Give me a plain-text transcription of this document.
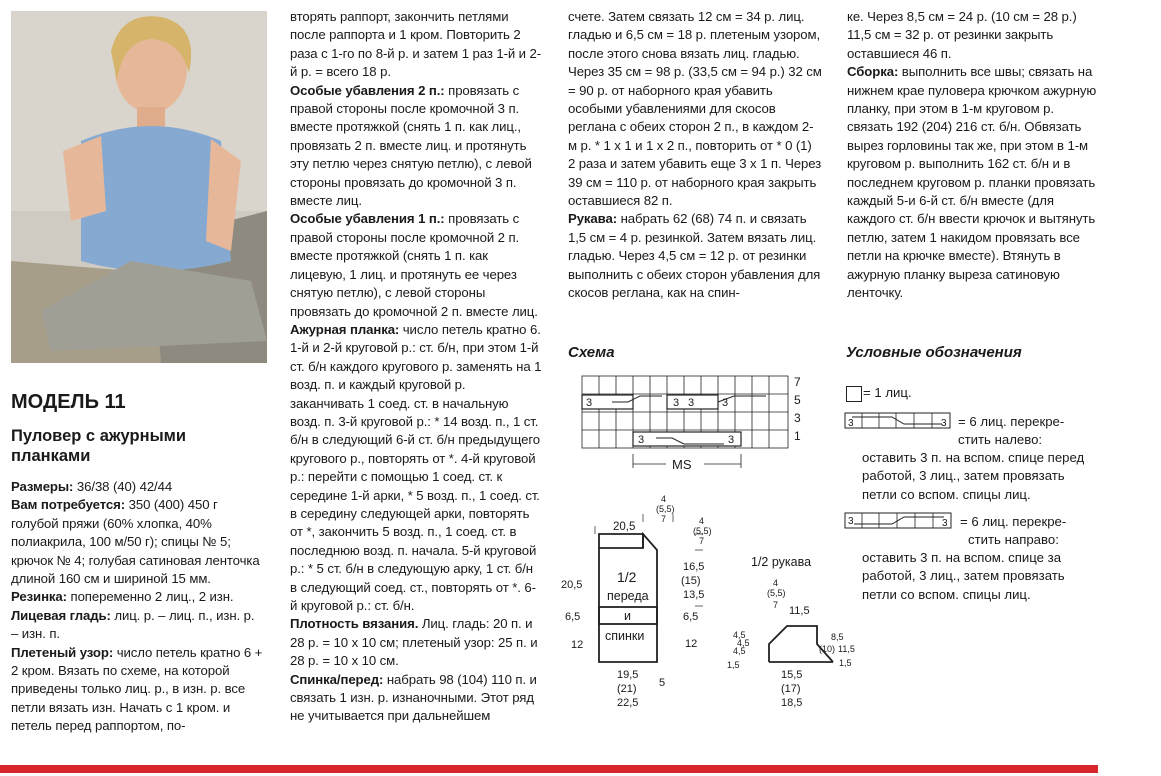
МОДЕЛЬ 11
Пуловер с ажурными планками

Размеры: 36/38 (40) 42/44

Вам потребуется: 350 (400) 450 г голубой пряжи (60% хлопка, 40% полиакрила, 100 м/50 г); спицы № 5; крючок № 4; голубая сатиновая ленточка длиной 160 см и шириной 15 мм.

Резинка: попеременно 2 лиц., 2 изн.

Лицевая гладь: лиц. р. – лиц. п., изн. р. – изн. п.

Плетеный узор: число петель кратно 6 + 2 кром. Вязать по схеме, на которой приведены только лиц. р., в изн. р. все петли вязать изн. Начать с 1 кром. и петель перед раппортом, по-

вторять раппорт, закончить петлями после раппорта и 1 кром. Повторить 2 раза с 1-го по 8-й р. и затем 1 раз 1-й и 2-й р. = всего 18 р.

Особые убавления 2 п.: провязать с правой стороны после кромочной 3 п. вместе протяжкой (снять 1 п. как лиц., провязать 2 п. вместе лиц. и протянуть эту петлю через снятую петлю), с левой стороны провязать до кромочной 3 п. вместе лиц.

Особые убавления 1 п.: провязать с правой стороны после кромочной 2 п. вместе протяжкой (снять 1 п. как лицевую, 1 лиц. и протянуть ее через снятую петлю), с левой стороны провязать до кромочной 2 п. вместе лиц.

Ажурная планка: число петель кратно 6. 1-й и 2-й круговой р.: ст. б/н, при этом 1-й ст. б/н каждого кругового р. заменять на 1 возд. п. и каждый круговой р. заканчивать 1 соед. ст. в начальную возд. п. 3-й круговой р.: * 14 возд. п., 1 ст. б/н в следующий 6-й ст. б/н предыдущего кругового р., повторять от *. 4-й круговой р.: перейти с помощью 1 соед. ст. к середине 1-й арки, * 5 возд. п., 1 соед. ст. в середину следующей арки, повторять от *, закончить 5 возд. п., 1 соед. ст. в последнюю возд. п. начала. 5-й круговой р.: * 5 ст. б/н в следующую арку, 1 ст. б/н в следующий соед. ст., повторять от *. 6-й круговой р.: ст. б/н.

Плотность вязания. Лиц. гладь: 20 п. и 28 р. = 10 х 10 см; плетеный узор: 25 п. и 28 р. = 10 х 10 см.

Спинка/перед: набрать 98 (104) 110 п. и связать 1 изн. р. изнаночными. Этот ряд не учитывается при дальнейшем

счете. Затем связать 12 см = 34 р. лиц. гладью и 6,5 см = 18 р. плетеным узором, после этого снова вязать лиц. гладью. Через 35 см = 98 р. (33,5 см = 94 р.) 32 см = 90 р. от наборного края убавить особыми убавлениями для скосов реглана с обеих сторон 2 п., в каждом 2-м р. * 1 х 1 и 1 х 2 п., повторить от * 0 (1) 2 раза и затем убавить еще 3 х 1 п. Через 39 см = 110 р. от наборного края закрыть оставшиеся 82 п.

Рукава: набрать 62 (68) 74 п. и связать 1,5 см = 4 р. резинкой. Затем вязать лиц. гладью. Через 4,5 см = 12 р. от резинки выполнить с обеих сторон убавления для скосов реглана, как на спин-

ке. Через 8,5 см = 24 р. (10 см = 28 р.) 11,5 см = 32 р. от резинки закрыть оставшиеся 46 п.

Сборка: выполнить все швы; связать на нижнем крае пуловера крючком ажурную планку, при этом в 1-м круговом р. связать 192 (204) 216 ст. б/н. Обвязать вырез горловины так же, при этом в 1-м круговом р. выполнить 162 ст. б/н и в последнем круговом р. планки провязать каждый 5-и 6-й ст. б/н вместе (для каждого ст. б/н ввести крючок и вытянуть петлю, затем 1 накидом провязать все петли на крючке вместе). Втянуть в ажурную планку выреза сатиновую ленточку.

Схема
3	3 3	3
3	3
7
5
3
1
MS
Условные обозначения
= 1 лиц.
3	3 = 6 лиц. перекре-
стить налево:
оставить 3 п. на вспом. спице перед работой, 3 лиц., затем провязать петли со вспом. спицы лиц.
3	3 = 6 лиц. перекре-
стить направо:
оставить 3 п. на вспом. спице за работой, 3 лиц., затем провязать петли со вспом. спицы лиц.
20,5
4
(5,5)
7	4
(5,5)
7
16,5
(15)
13,5
6,5
12
20,5
6,5
12
19,5
(21)
22,5
5
1/2
переда
и
спинки
1/2 рукава
4
(5,5)
7 11,5
4,5
4,5
4,5
1,5
8,5
(10) 11,5
1,5
15,5
(17)
18,5
